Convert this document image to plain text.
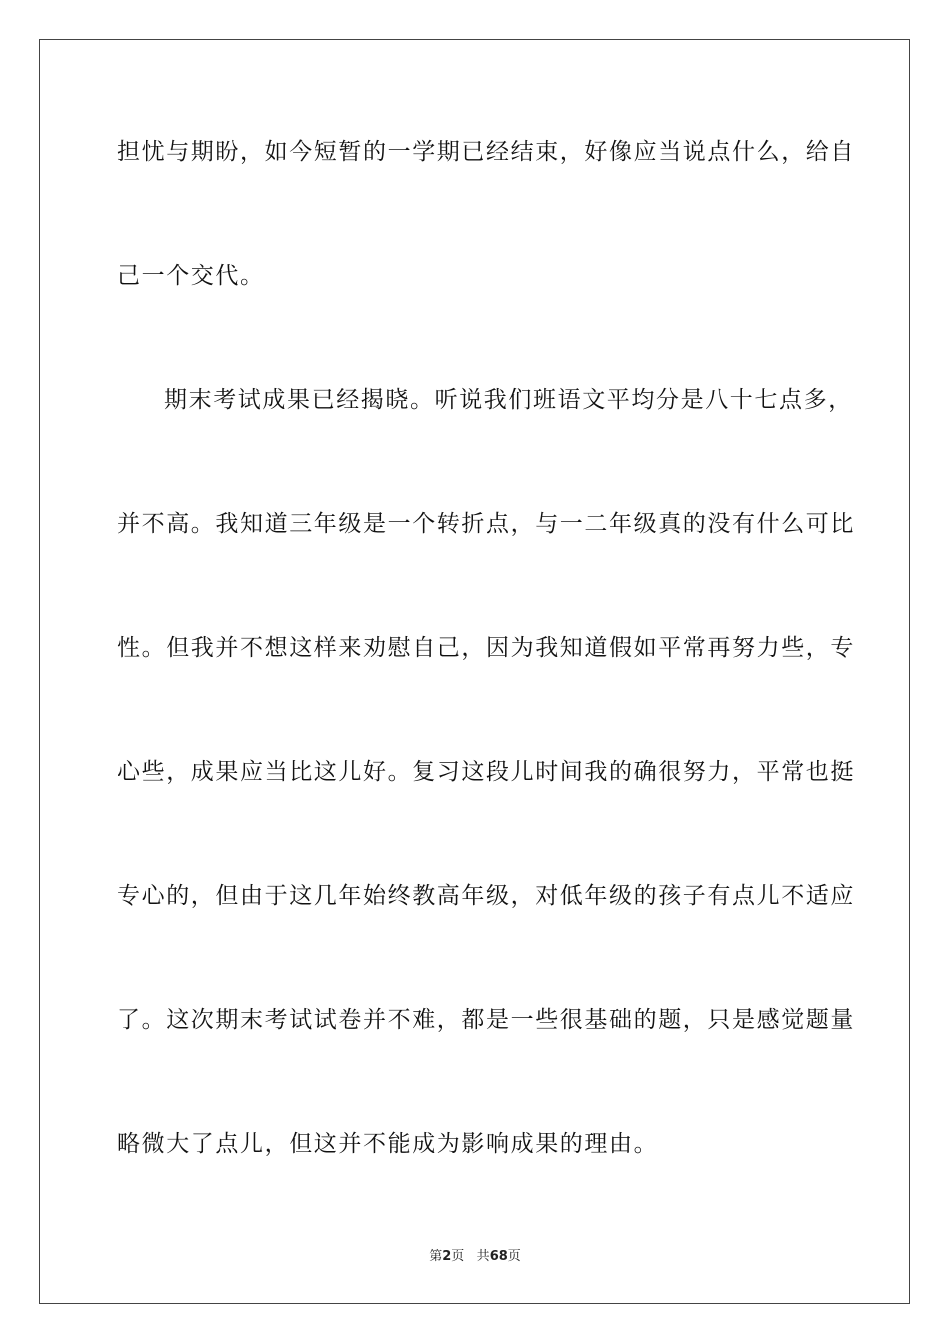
担忧与期盼，如今短暂的一学期已经结束，好像应当说点什么，给自
己一个交代。
期末考试成果已经揭晓。听说我们班语文平均分是八十七点多，
并不高。我知道三年级是一个转折点，与一二年级真的没有什么可比
性。但我并不想这样来劝慰自己，因为我知道假如平常再努力些，专
心些，成果应当比这儿好。复习这段儿时间我的确很努力，平常也挺
专心的，但由于这几年始终教高年级，对低年级的孩子有点儿不适应
了。这次期末考试试卷并不难，都是一些很基础的题，只是感觉题量
略微大了点儿，但这并不能成为影响成果的理由。
第2页 共68页
